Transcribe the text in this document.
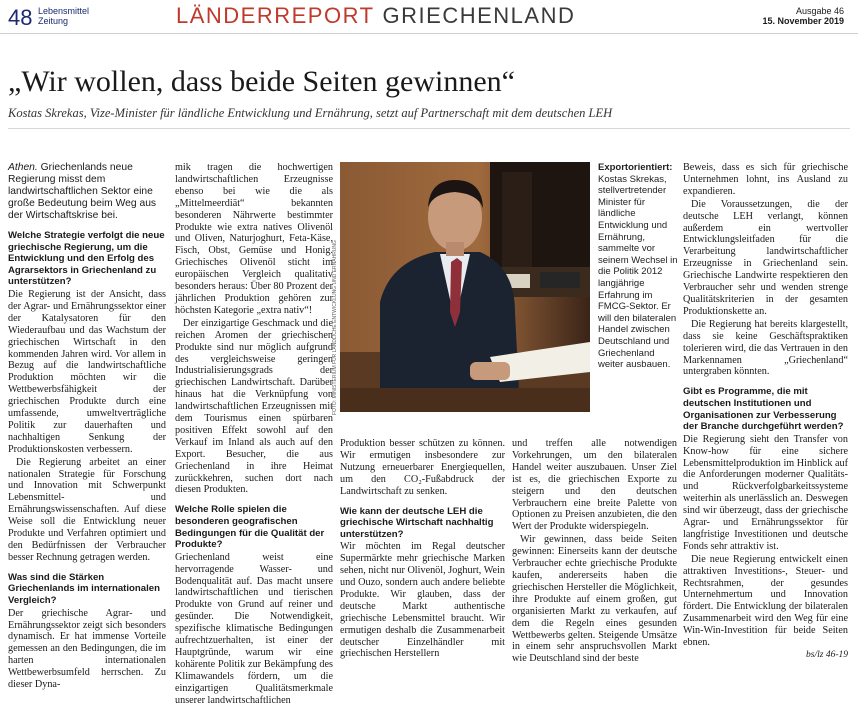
48 Lebensmittel
Zeitung	LÄNDERREPORT GRIECHENLAND	Ausgabe 46
15. November 2019
„Wir wollen, dass beide Seiten gewinnen“
Kostas Skrekas, Vize-Minister für ländliche Entwicklung und Ernährung, setzt auf Partnerschaft mit dem deutschen LEH

Athen. Griechenlands neue Regierung misst dem landwirtschaftlichen Sektor eine große Bedeutung beim Weg aus der Wirtschaftskrise bei.

Welche Strategie verfolgt die neue griechische Regierung, um die Entwicklung und den Erfolg des Agrarsektors in Griechenland zu unterstützen?

Die Regierung ist der Ansicht, dass der Agrar- und Ernährungssektor einer der Katalysatoren für den Wiederaufbau und das Wachstum der griechischen Wirtschaft in den kommenden Jahren wird. Vor allem in Bezug auf die landwirtschaftliche Produktion möchten wir die Wettbewerbsfähigkeit der griechischen Produkte durch eine umfassende, umweltverträgliche Politik zur dauerhaften und nachhaltigen Senkung der Produktionskosten verbessern.

Die Regierung arbeitet an einer nationalen Strategie für Forschung und Innovation mit Schwerpunkt Lebensmittel- und Ernährungswissenschaften. Auf diese Weise soll die Entwicklung neuer Produkte und Verfahren optimiert und den Bedürfnissen der Verbraucher besser Rechnung getragen werden.

Was sind die Stärken Griechenlands im internationalen Vergleich?

Der griechische Agrar- und Ernährungssektor zeigt sich besonders dynamisch. Er hat immense Vorteile gemessen an den Bedingungen, die im harten internationalen Wettbewerbsumfeld herrschen. Zu dieser Dyna-

mik tragen die hochwertigen landwirtschaftlichen Erzeugnisse ebenso bei wie die als „Mittelmeerdiät“ bekannten besonderen Nährwerte bestimmter Produkte wie extra natives Olivenöl und Oliven, Naturjoghurt, Feta-Käse, Fisch, Obst, Gemüse und Honig. Griechisches Olivenöl sticht im europäischen Vergleich qualitativ besonders heraus: Über 80 Prozent der jährlichen Produktion gehören zur höchsten Kategorie „extra nativ“!

Der einzigartige Geschmack und die reichen Aromen der griechischen Produkte sind nur möglich aufgrund des vergleichsweise geringen Industrialisierungsgrads der griechischen Landwirtschaft. Darüber hinaus hat die Verknüpfung von landwirtschaftlichen Erzeugnissen mit dem Tourismus einen spürbaren positiven Effekt sowohl auf den Verkauf im Inland als auch auf den Export. Besucher, die aus Griechenland in ihre Heimat zurückkehren, suchen dort nach diesen Produkten.

Welche Rolle spielen die besonderen geografischen Bedingungen für die Qualität der Produkte?

Griechenland weist eine hervorragende Wasser- und Bodenqualität auf. Das macht unsere landwirtschaftlichen und tierischen Produkte von Grund auf reiner und gesünder. Die Notwendigkeit, spezifische klimatische Bedingungen aufrechtzuerhalten, ist einer der Hauptgründe, warum wir eine kohärente Politik zur Bekämpfung des Klimawandels fördern, um die einzigartigen Qualitätsmerkmale unserer landwirtschaftlichen

FOTO: MINISTERIUM FÜR LÄNDLICHE ENTWICKLUNG UND ERNÄHRUNG
Exportorientiert: Kostas Skrekas, stellvertretender Minister für ländliche Entwicklung und Ernährung, sammelte vor seinem Wechsel in die Politik 2012 langjährige Erfahrung im FMCG-Sektor. Er will den bilateralen Handel zwischen Deutschland und Griechenland weiter ausbauen.

Produktion besser schützen zu können. Wir ermutigen insbesondere zur Nutzung erneuerbarer Energiequellen, um den CO₂-Fußabdruck der Landwirtschaft zu senken.

Wie kann der deutsche LEH die griechische Wirtschaft nachhaltig unterstützen?

Wir möchten im Regal deutscher Supermärkte mehr griechische Marken sehen, nicht nur Olivenöl, Joghurt, Wein und Ouzo, sondern auch andere beliebte Produkte. Wir glauben, dass der deutsche Markt authentische griechische Lebensmittel braucht. Wir ermutigen deshalb die Zusammenarbeit deutscher Einzelhändler mit griechischen Herstellern

und treffen alle notwendigen Vorkehrungen, um den bilateralen Handel weiter auszubauen. Unser Ziel ist es, die griechischen Exporte zu steigern und den deutschen Verbrauchern eine breite Palette von Optionen zu Preisen anzubieten, die den Wert der Produkte widerspiegeln.

Wir gewinnen, dass beide Seiten gewinnen: Einerseits kann der deutsche Verbraucher echte griechische Produkte kaufen, andererseits haben die griechischen Hersteller die Möglichkeit, ihre Produkte auf einem großen, gut organisierten Markt zu verkaufen, auf dem die Regeln eines gesunden Wettbewerbs gelten. Steigende Umsätze in einem sehr anspruchsvollen Markt wie Deutschland sind der beste

Beweis, dass es sich für griechische Unternehmen lohnt, ins Ausland zu expandieren.

Die Voraussetzungen, die der deutsche LEH verlangt, können außerdem ein wertvoller Entwicklungsleitfaden für die Verarbeitung landwirtschaftlicher Erzeugnisse in Griechenland sein. Griechische Landwirte respektieren den Verbraucher sehr und wenden strenge Qualitätskriterien in der gesamten Produktionskette an.

Die Regierung hat bereits klargestellt, dass sie keine Geschäftspraktiken tolerieren wird, die das Vertrauen in den Markennamen „Griechenland“ untergraben könnten.

Gibt es Programme, die mit deutschen Institutionen und Organisationen zur Verbesserung der Branche durchgeführt werden?

Die Regierung sieht den Transfer von Know-how für eine sichere Lebensmittelproduktion im Hinblick auf die Anforderungen moderner Qualitäts- und Rückverfolgbarkeitssysteme weiterhin als unerlässlich an. Deswegen sind wir überzeugt, dass der griechische Agrar- und Ernährungssektor für langfristige Investitionen und deutsche Fonds sehr attraktiv ist.

Die neue Regierung entwickelt einen attraktiven Investitions-, Steuer- und Rechtsrahmen, der gesundes Unternehmertum und Innovation fördert. Die Entwicklung der bilateralen Zusammenarbeit wird den Weg für eine Win-Win-Investition für beide Seiten ebnen.

bs/lz 46-19
